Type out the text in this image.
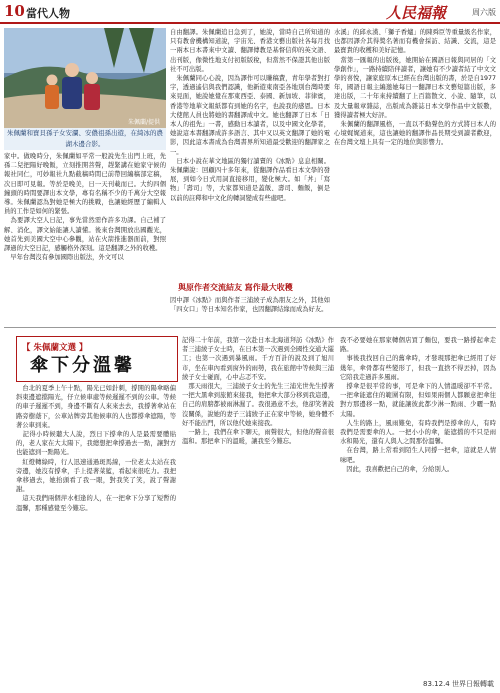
10 當代人物	人民福報	周六版
朱佩蘭/提供
朱佩蘭和寶貝孫子女安瀾、安儂祖孫出遊，在綺冰的農湖木邊合影。
家中。做晚時分，朱佩蘭如平常一般說先生出門上班，先孫二兒把陽好晚飯，立刻推開菩聲，趕緊講在她家守候的報社同仁，可妙報社九點截稿時間已前帶回編稿部定稿，次日即可見報。等於是晚美，日一天刊載而已。大約四個鐘頭的時間要譯出本文學，專有名稱不少的千萬分大空報導。朱佩蘭認為對她是極大的挑戰，也讓她經歷了編輯人員的工作是如何的緊張。
　為要譯大空人日記，事先當然需作許多功課。自己補了解、消化，譯文始能讓人讀懂。後來台灣開放出國觀光，她首先到美國大空中心參觀，站在火箭推進器面前，對照譯過的大空日記，感觸格外深刻。這是翻譯之外的收穫。
　早年台灣沒有參加國際出版法，外文可以
自由翻譯。朱佩蘭追日急到了，她說，當時自己所知道的只有教會機構知道說，宇宙光、香港文藝出版社各每月找一兩本日本書來中文讀、翻譯傳教是基督信仰的英文語、出刊版，像微性地支付初版版稅，但當然不保證其他出版社不可出版。
　朱佩蘭同心心說，因為譯作可以賺稿費，青年學者對打字，透過遙信與我們認識，他新遊東南亞各地別台灣時要來見面，她說她覺在那東西亞、泰國、新加坡、菲律賓，香港等地華文報紙都有到她的名字，也說我的感恩。日本大使館人員也將她的書翻譯成中文。她也翻譯了日本「日本人的祖先」一書，感動日本讀者，以及中國文化學者，她說這本書翻譯成許多語言、其中又以英文翻譯了她的電影，因此這本書成為台灣書界所知道最受歡迎的翻譯家之一。
　日本小說在華文地區的獨行讀賣的《冰點》息息相關。朱佩蘭說：回顧四十多年來，從翻譯作品看日本文學的發展，到如今日式用詞直接移用，變化極大。如「丼」「寫物」「壽司」等，大家都知道是蓋飯、壽司、麵飯，倒是以前的註釋和中文化的轉詞變成有些處吧。
與原作者交流結友 寫作最大收穫
因中譯《冰點》而與作者三浦綾子成為朋友之外，其他如「四女口」等日本知名作家，也因翻譯結緣而成為好友。
水溪」的邱永漢、「獅子香爐」的陳舜臣等重量級名作家，也都因譯介其得獎名著而有機會採訪、結識、交流，這是最寶貴的收穫和美好記憶。
　當第一匯報的出版後，她開始在國語日報與同居的「文學創作」，一路持續陪伴讀者，讓她有不少讀者結了中文文學的喜悅，讓家庭原本已經在台灣出版的書，於是自1977年，國語日報主編邀她每日一翻譯日本文藝短篇出版，多達出版，二十年來持續翻了上百篇散文、小說、隨筆，以及大量報章雜誌，出版成為雜誌日本文學作品中文版數，獲得讀者極大好評。
　朱佩蘭的翻譯風格，一直以不動聲色的方式將日本人的心境娓娓道來，這也讓她的翻譯作品長期受到讀者歡迎，在台灣文壇上具有一定的地位與影響力。
【 朱佩蘭文選 】
傘下分溫馨
　台北的夏季上午十點，陽光已如針刺，撐開的陽傘略偏斜東邊遮擋陽光，仔立候車處等候遲遲不到的公車。等候的車子遲遲不到，身邊不斷有人來來去去，我撐著傘站在路旁樹蔭下，公車站牌旁其他候車的人也都撐傘遮陽，等著公車到來。
　記得小時候聽大人說，烈日下撐傘的人是最需要體貼的，老人家在大太陽下，我總想把傘撐過去一點，讓對方也能遮到一點陽光。
　紅燈轉綠時，行人迅速通過斑馬線，一位老太太站在我旁邊，她沒有撐傘，手上提著菜籃，看起來很吃力。我把傘移過去，她抬頭看了我一眼，對我笑了笑，說了聲謝謝。
　這天我們兩個萍水相逢的人，在一把傘下分享了短暫的溫馨，那種感覺至今難忘。
記得二十年前，我第一次赴日本北海道拜訪《冰點》作者三浦綾子女士時，在日本第一次遇到全國性交通大罷工；也第一次遇到暴風雨。千方百計的說及到了旭川市，坐在車內看到窗外的雨勢，我在旅館中等候與三浦綾子女士碰面，心中忐忑不安。
　那天雨很大，三浦綾子女士的先生三浦光世先生撐著一把大黑傘到旅館來接我，他把傘大部分移到我這邊，自己的肩膀都被雨淋濕了。我很過意不去，他卻笑著說沒關係，說她的妻子三浦綾子正在家中等候，她身體不好不能出門，所以他代她來接我。
　一路上，我們在傘下聊天，雨聲很大，但他的聲音很溫和。那把傘下的溫暖，讓我至今難忘。
我不必要她在那家轉個店買了麵包，要我一路撐起傘走路。
　事後我找回自己的舊傘時，才發現那把傘已經用了好幾年，傘骨都有些變形了，但我一直捨不得丟掉，因為它陪我走過許多風雨。
　撐傘是很平常的事，可是傘下的人情溫暖卻不平常。一把傘能遮住的範圍有限，但如果兩個人都願意把傘往對方那邊移一點，就能讓彼此都少淋一點雨、少曬一點太陽。
　人生的路上，風雨難免，有時我們是撐傘的人，有時我們是需要傘的人。一把小小的傘，能遮擋的不只是雨水和陽光，還有人與人之間那份溫馨。
　在台灣，路上常看到陌生人同撐一把傘，這就是人情味吧。
　因此，我喜歡把自己的傘，分給別人。
83.12.4 世界日報轉載
